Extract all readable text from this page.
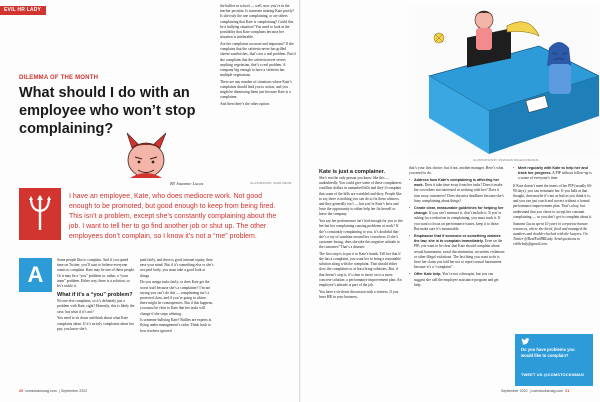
EVIL HR LADY
DILEMMA OF THE MONTH
What should I do with an employee who won’t stop complaining?
BY Suzanne Lucas	ILLUSTRATION: JOHN CROW

I have an employee, Kate, who does mediocre work. Not good enough to be promoted, but good enough to keep from being fired. This isn’t a problem, except she’s constantly complaining about the job. I want to tell her to go find another job or shut up. The other employees don’t complain, so I know it’s not a “me” problem.

A

Some people like to complain. And if you spend time on Twitter, you’ll start to believe everyone wants to complain. Kate may be one of these people. Or it may be a “you” problem or, rather, a “your team” problem. Either way, there is a solution, so let’s tackle it.

What if it’s a “you” problem?

No one else complains, so it’s definitely just a problem with Kate, right? Honestly, this is likely the case, but what if it’s not?

You need to sit down and think about what Kate complains about. If it’s strictly complaints about her pay, you know she’s

paid fairly, and there is good internal equity, then ease your mind. But if it’s something else or she’s not paid fairly, you must take a good look at things.

Do you assign tasks fairly, or does Kate get the worst stuff because she’s a complainer? I’m not saying you can’t do this — complaining isn’t a protected class, and if you’re going to whine, there might be consequences. But if this happens, you must be clear to Kate that her tasks will change if she stops whining.

Is someone bullying Kate? Bullies are experts at flying under management’s radar. Think back to how teachers ignored

20 comstocksmag.com  | September 2022

the bullies in school — well, now you’re in the teacher position. Is someone treating Kate poorly? Is she truly the one complaining, or are others complaining that Kate is complaining? Could this be a bullying situation? You need to look at the possibility that Kate complains because her situation is intolerable.

Are her complaints accurate and important? If she complains that the cafeteria never has grilled cheese sandwiches, that’s not a real problem. But if she complains that the cafeteria never serves anything vegetarian, that’s a real problem. A company big enough to have a cafeteria has multiple vegetarians.

There are any number of situations where Kate’s complaints should lead you to action, and you might be dismissing them just because Kate is a complainer.

And then there’s the other option:

ILLUSTRATION BY JONATHAN MCLEAN FRANCIS
Kate is just a complainer.

She’s not the only person you know like this — undoubtedly. You could give some of these complainers a million dollars in unmarked bills and they’d complain that some of the bills are wrinkled and dirty. People like to say there is nothing you can do to fix these whiners, and they generally isn’t — but you’re Kate’s boss and have the opportunity to either help her fix herself or leave the company.

You say her performance isn’t bad enough for you to fire her but her complaining causing problems at work? If she’s constantly complaining to you, it’s doubtful that she’s a ray of sunshine around her coworkers. If she’s customer-facing, does she take this negative attitude to the customer? That’s a disaster.

The first step is to put it in Kate’s hands. Tell her that if she has a complaint, you want her to bring a reasonable solution along with the complaint. That should either slow the complaints or at least bring solutions. But, if that doesn’t stop it, it’s time to move on to a more concrete solution: a performance improvement plan. An employee’s attitude is part of the job.

You have a sit-down discussion with a witness. If you have HR in your business,

that’s your first choice; but if not, another manager. Here’s what you need to do.

• Address how Kate’s complaining is affecting her work. Does it take time away from her tasks? Does it make her coworkers not interested in working with her? Does it turn away customers? Does she miss deadlines because she’s busy complaining about things?
• Create clear, measurable guidelines for helping her change. If you can’t measure it, don’t include it. If you’re asking for a reduction in complaining, you must track it. If you want to focus on performance issues, keep it to those. But make sure it’s measurable.
• Emphasize that if someone or something violates the law, she is to complain immediately. Even on the PIP, you want to be clear that Kate should complain about sexual harassment, racial discrimination, securities violations or other illegal violations. The last thing you want to do is have her claim you told her not to report sexual harassment because it’s a “complaint”.
• Offer Kate help. You’re not a therapist, but you can suggest she call the employee assistance program and get help.
• Meet regularly with Kate to help her and track her progress. A PIP without follow-up is a waste of everyone’s time.

If Kate doesn’t meet the terms of her PIP (usually 60-90 days), you can terminate her. If you balk at that thought, then maybe it’s not as bad as you think it is, and you can just coach and correct without a formal performance improvement plan. That’s okay, but understand that you chose to accept her constant complaining — so you don’t get to complain about it.

Suzanne Lucas spent 10 years in corporate human resources, where she hired, fired and managed the numbers and double-checked with the lawyers. On Twitter @RealEvilHRLady. Send questions to evilhrlady@gmail.com.

Do you have problems you would like to complain?
TWEET US @COMSTOCKSMAG
September 2022  | comstocksmag.com 21
